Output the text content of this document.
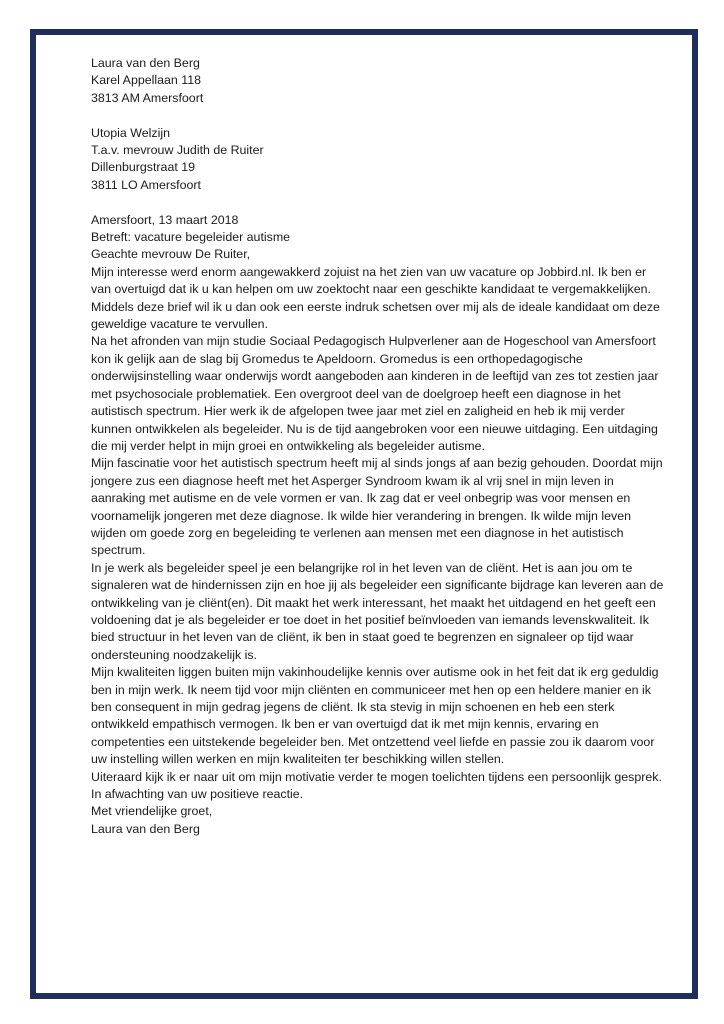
Laura van den Berg

Karel Appellaan 118

3813 AM Amersfoort

Utopia Welzijn

T.a.v. mevrouw Judith de Ruiter

Dillenburgstraat 19

3811 LO Amersfoort

Amersfoort, 13 maart 2018

Betreft: vacature begeleider autisme

Geachte mevrouw De Ruiter,

Mijn interesse werd enorm aangewakkerd zojuist na het zien van uw vacature op Jobbird.nl. Ik ben er van overtuigd dat ik u kan helpen om uw zoektocht naar een geschikte kandidaat te vergemakkelijken. Middels deze brief wil ik u dan ook een eerste indruk schetsen over mij als de ideale kandidaat om deze geweldige vacature te vervullen.

Na het afronden van mijn studie Sociaal Pedagogisch Hulpverlener aan de Hogeschool van Amersfoort kon ik gelijk aan de slag bij Gromedus te Apeldoorn. Gromedus is een orthopedagogische onderwijsinstelling waar onderwijs wordt aangeboden aan kinderen in de leeftijd van zes tot zestien jaar met psychosociale problematiek. Een overgroot deel van de doelgroep heeft een diagnose in het autistisch spectrum. Hier werk ik de afgelopen twee jaar met ziel en zaligheid en heb ik mij verder kunnen ontwikkelen als begeleider. Nu is de tijd aangebroken voor een nieuwe uitdaging. Een uitdaging die mij verder helpt in mijn groei en ontwikkeling als begeleider autisme.

Mijn fascinatie voor het autistisch spectrum heeft mij al sinds jongs af aan bezig gehouden. Doordat mijn jongere zus een diagnose heeft met het Asperger Syndroom kwam ik al vrij snel in mijn leven in aanraking met autisme en de vele vormen er van. Ik zag dat er veel onbegrip was voor mensen en voornamelijk jongeren met deze diagnose. Ik wilde hier verandering in brengen. Ik wilde mijn leven wijden om goede zorg en begeleiding te verlenen aan mensen met een diagnose in het autistisch spectrum.

In je werk als begeleider speel je een belangrijke rol in het leven van de cliënt. Het is aan jou om te signaleren wat de hindernissen zijn en hoe jij als begeleider een significante bijdrage kan leveren aan de ontwikkeling van je cliënt(en). Dit maakt het werk interessant, het maakt het uitdagend en het geeft een voldoening dat je als begeleider er toe doet in het positief beïnvloeden van iemands levenskwaliteit. Ik bied structuur in het leven van de cliënt, ik ben in staat goed te begrenzen en signaleer op tijd waar ondersteuning noodzakelijk is.

Mijn kwaliteiten liggen buiten mijn vakinhoudelijke kennis over autisme ook in het feit dat ik erg geduldig ben in mijn werk. Ik neem tijd voor mijn cliënten en communiceer met hen op een heldere manier en ik ben consequent in mijn gedrag jegens de cliënt. Ik sta stevig in mijn schoenen en heb een sterk ontwikkeld empathisch vermogen. Ik ben er van overtuigd dat ik met mijn kennis, ervaring en competenties een uitstekende begeleider ben. Met ontzettend veel liefde en passie zou ik daarom voor uw instelling willen werken en mijn kwaliteiten ter beschikking willen stellen.

Uiteraard kijk ik er naar uit om mijn motivatie verder te mogen toelichten tijdens een persoonlijk gesprek. In afwachting van uw positieve reactie.

Met vriendelijke groet,

Laura van den Berg
